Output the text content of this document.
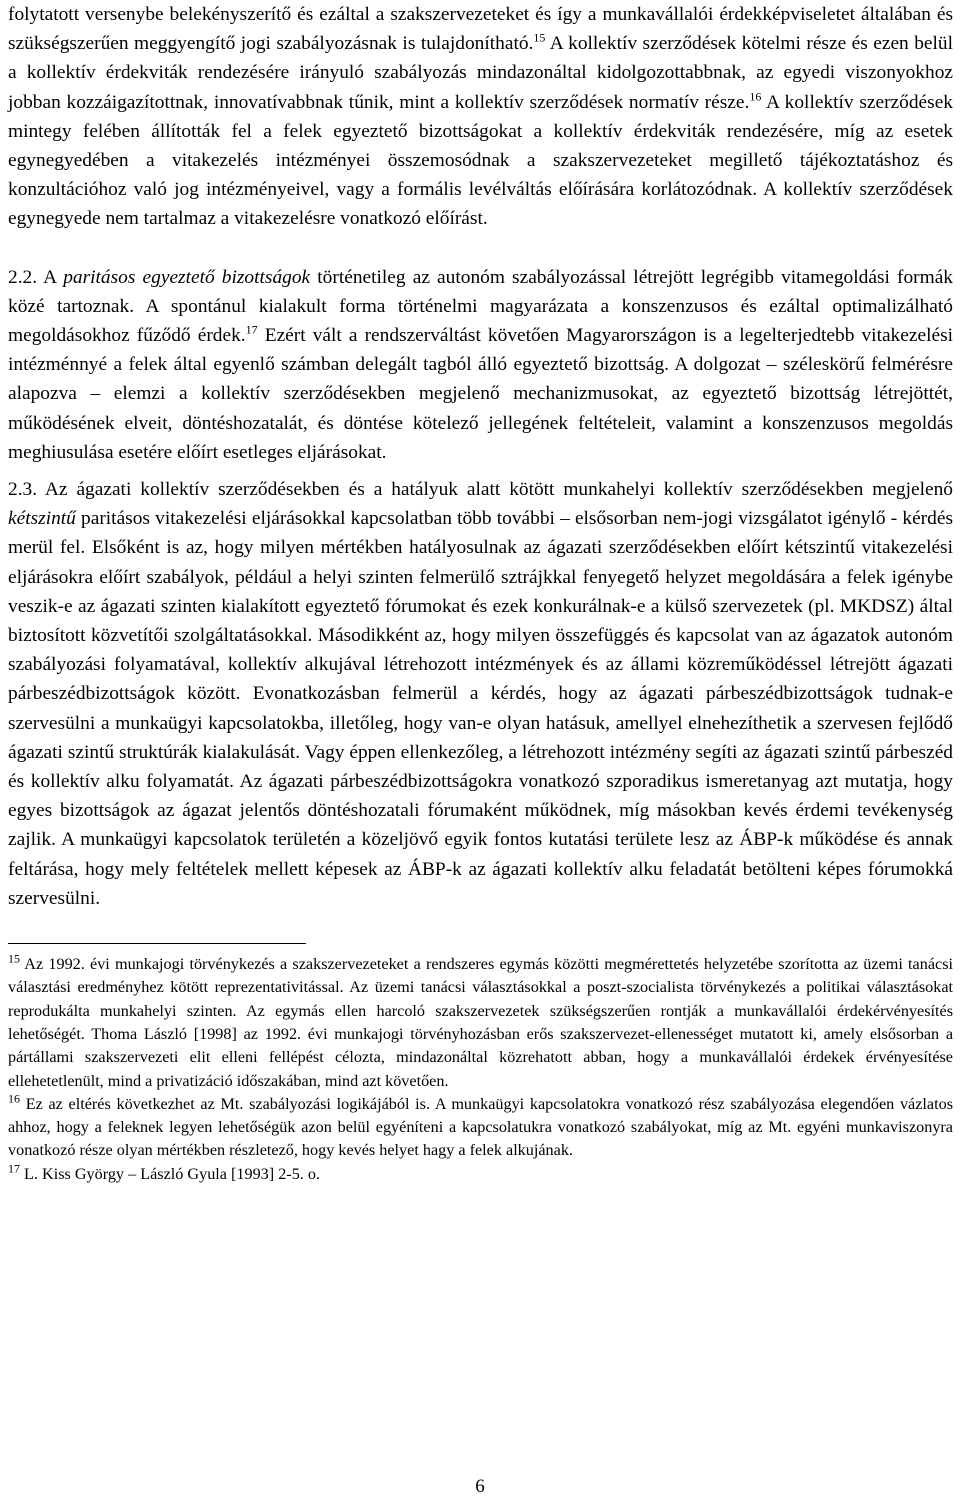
folytatott versenybe belekényszerítő és ezáltal a szakszervezeteket és így a munkavállalói érdekképviseletet általában és szükségszerűen meggyengítő jogi szabályozásnak is tulajdonítható.$^{15}$ A kollektív szerződések kötelmi része és ezen belül a kollektív érdekviták rendezésére irányuló szabályozás mindazonáltal kidolgozottabbnak, az egyedi viszonyokhoz jobban kozzáigazítottnak, innovatívabbnak tűnik, mint a kollektív szerződések normatív része.$^{16}$ A kollektív szerződések mintegy felében állították fel a felek egyeztető bizottságokat a kollektív érdekviták rendezésére, míg az esetek egynegyedében a vitakezelés intézményei összemosódnak a szakszervezeteket megillető tájékoztatáshoz és konzultációhoz való jog intézményeivel, vagy a formális levélváltás előírására korlátozódnak. A kollektív szerződések egynegyede nem tartalmaz a vitakezelésre vonatkozó előírást.

2.2. A paritásos egyeztető bizottságok történetileg az autonóm szabályozással létrejött legrégibb vitamegoldási formák közé tartoznak. A spontánul kialakult forma történelmi magyarázata a konszenzusos és ezáltal optimalizálható megoldásokhoz fűződő érdek.$^{17}$ Ezért vált a rendszerváltást követően Magyarországon is a legelterjedtebb vitakezelési intézménnyé a felek által egyenlő számban delegált tagból álló egyeztető bizottság. A dolgozat – széleskörű felmérésre alapozva – elemzi a kollektív szerződésekben megjelenő mechanizmusokat, az egyeztető bizottság létrejöttét, működésének elveit, döntéshozatalát, és döntése kötelező jellegének feltételeit, valamint a konszenzusos megoldás meghiusulása esetére előírt esetleges eljárásokat.

2.3. Az ágazati kollektív szerződésekben és a hatályuk alatt kötött munkahelyi kollektív szerződésekben megjelenő kétszintű paritásos vitakezelési eljárásokkal kapcsolatban több további – elsősorban nem-jogi vizsgálatot igénylő - kérdés merül fel. Elsőként is az, hogy milyen mértékben hatályosulnak az ágazati szerződésekben előírt kétszintű vitakezelési eljárásokra előírt szabályok, például a helyi szinten felmerülő sztrájkkal fenyegető helyzet megoldására a felek igénybe veszik-e az ágazati szinten kialakított egyeztető fórumokat és ezek konkurálnak-e a külső szervezetek (pl. MKDSZ) által biztosított közvetítői szolgáltatásokkal. Másodikként az, hogy milyen összefüggés és kapcsolat van az ágazatok autonóm szabályozási folyamatával, kollektív alkujával létrehozott intézmények és az állami közreműködéssel létrejött ágazati párbeszédbizottságok között. Evonatkozásban felmerül a kérdés, hogy az ágazati párbeszédbizottságok tudnak-e szervesülni a munkaügyi kapcsolatokba, illetőleg, hogy van-e olyan hatásuk, amellyel elnehezíthetik a szervesen fejlődő ágazati szintű struktúrák kialakulását. Vagy éppen ellenkezőleg, a létrehozott intézmény segíti az ágazati szintű párbeszéd és kollektív alku folyamatát. Az ágazati párbeszédbizottságokra vonatkozó szporadikus ismeretanyag azt mutatja, hogy egyes bizottságok az ágazat jelentős döntéshozatali fórumaként működnek, míg másokban kevés érdemi tevékenység zajlik. A munkaügyi kapcsolatok területén a közeljövő egyik fontos kutatási területe lesz az ÁBP-k működése és annak feltárása, hogy mely feltételek mellett képesek az ÁBP-k az ágazati kollektív alku feladatát betölteni képes fórumokká szervesülni.

$^{15}$ Az 1992. évi munkajogi törvénykezés a szakszervezeteket a rendszeres egymás közötti megmérettetés helyzetébe szorította az üzemi tanácsi választási eredményhez kötött reprezentativitással. Az üzemi tanácsi választásokkal a poszt-szocialista törvénykezés a politikai választásokat reprodukálta munkahelyi szinten. Az egymás ellen harcoló szakszervezetek szükségszerűen rontják a munkavállalói érdekérvényesítés lehetőségét. Thoma László [1998] az 1992. évi munkajogi törvényhozásban erős szakszervezet-ellenességet mutatott ki, amely elsősorban a pártállami szakszervezeti elit elleni fellépést célozta, mindazonáltal közrehatott abban, hogy a munkavállalói érdekek érvényesítése ellehetetlenült, mind a privatizáció időszakában, mind azt követően.

$^{16}$ Ez az eltérés következhet az Mt. szabályozási logikájából is. A munkaügyi kapcsolatokra vonatkozó rész szabályozása elegendően vázlatos ahhoz, hogy a feleknek legyen lehetőségük azon belül egyéníteni a kapcsolatukra vonatkozó szabályokat, míg az Mt. egyéni munkaviszonyra vonatkozó része olyan mértékben részletező, hogy kevés helyet hagy a felek alkujának.

$^{17}$ L. Kiss György – László Gyula [1993] 2-5. o.

6
